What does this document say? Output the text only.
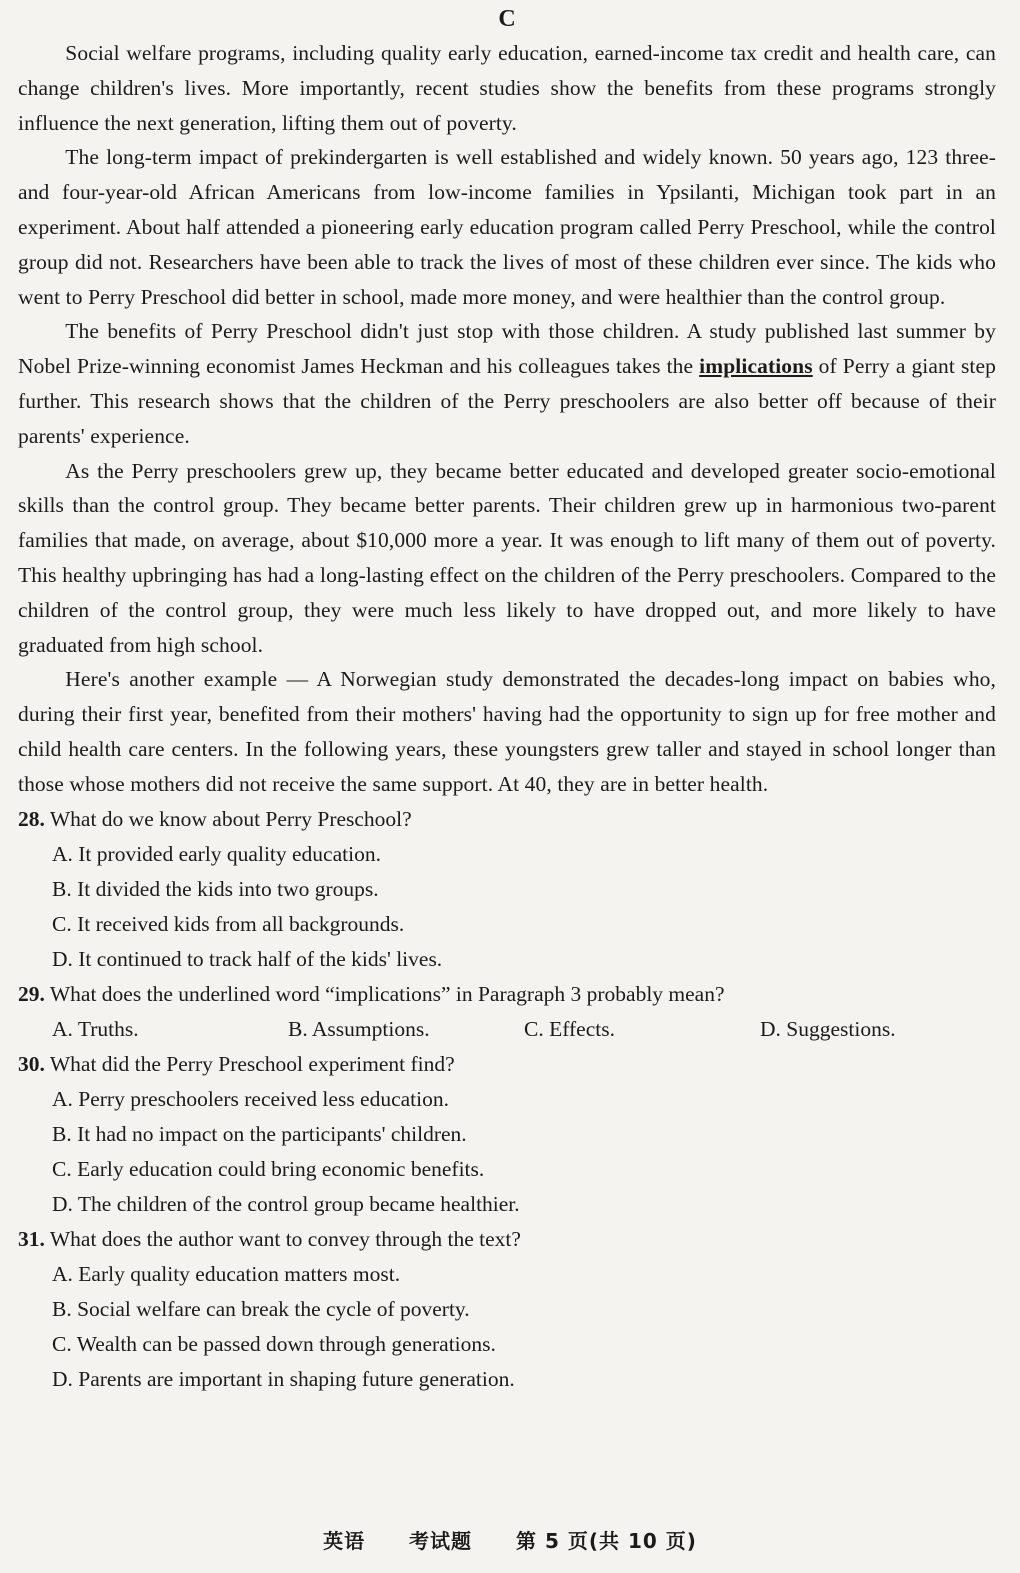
C

Social welfare programs, including quality early education, earned-income tax credit and health care, can change children's lives. More importantly, recent studies show the benefits from these programs strongly influence the next generation, lifting them out of poverty.

The long-term impact of prekindergarten is well established and widely known. 50 years ago, 123 three- and four-year-old African Americans from low-income families in Ypsilanti, Michigan took part in an experiment. About half attended a pioneering early education program called Perry Preschool, while the control group did not. Researchers have been able to track the lives of most of these children ever since. The kids who went to Perry Preschool did better in school, made more money, and were healthier than the control group.

The benefits of Perry Preschool didn't just stop with those children. A study published last summer by Nobel Prize-winning economist James Heckman and his colleagues takes the implications of Perry a giant step further. This research shows that the children of the Perry preschoolers are also better off because of their parents' experience.

As the Perry preschoolers grew up, they became better educated and developed greater socio-emotional skills than the control group. They became better parents. Their children grew up in harmonious two-parent families that made, on average, about $10,000 more a year. It was enough to lift many of them out of poverty. This healthy upbringing has had a long-lasting effect on the children of the Perry preschoolers. Compared to the children of the control group, they were much less likely to have dropped out, and more likely to have graduated from high school.

Here's another example — A Norwegian study demonstrated the decades-long impact on babies who, during their first year, benefited from their mothers' having had the opportunity to sign up for free mother and child health care centers. In the following years, these youngsters grew taller and stayed in school longer than those whose mothers did not receive the same support. At 40, they are in better health.

28. What do we know about Perry Preschool?

A. It provided early quality education.

B. It divided the kids into two groups.

C. It received kids from all backgrounds.

D. It continued to track half of the kids' lives.

29. What does the underlined word “implications” in Paragraph 3 probably mean?

A. Truths.	B. Assumptions.	C. Effects.	D. Suggestions.

30. What did the Perry Preschool experiment find?

A. Perry preschoolers received less education.

B. It had no impact on the participants' children.

C. Early education could bring economic benefits.

D. The children of the control group became healthier.

31. What does the author want to convey through the text?

A. Early quality education matters most.

B. Social welfare can break the cycle of poverty.

C. Wealth can be passed down through generations.

D. Parents are important in shaping future generation.

英语 考试题 第 5 页(共 10 页)
